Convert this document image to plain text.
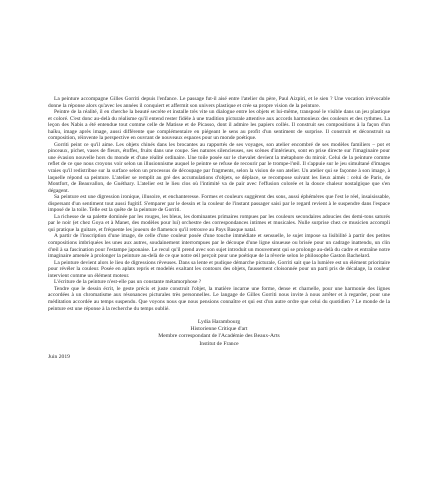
La peinture accompagne Gilles Gorriti depuis l'enfance. Le passage fut-il aisé entre l'atelier du père, Paul Aizpiri, et le sien ? Une vocation irrévocable donne la réponse alors qu'avec les années il conquiert et affermit son univers plastique et crée sa propre vision de la peinture.

Peintre de la réalité, il en cherche la beauté secrète et installe très vite un dialogue entre les objets et lui-même, transposé le visible dans un jeu plastique et coloré. C'est donc au-delà du réalisme qu'il entend rester fidèle à une tradition picturale attentive aux accords harmonieux des couleurs et des rythmes. La leçon des Nabis a été entendue tout comme celle de Matisse et de Picasso, dont il admire les papiers collés. Il construit ses compositions à la façon d'un haïku, image après image, aussi différente que complémentaire en piégeant le sens au profit d'un sentiment de surprise. Il construit et déconstruit sa composition, réinvente la perspective en ouvrant de nouveaux espaces pour un monde poétique.

Gorriti peint ce qu'il aime. Les objets chinés dans les brocantes au rapportés de ses voyages, son atelier encombré de ses modèles familiers – pot et pinceaux, pichet, vases de fleurs, étoffes, fruits dans une coupe. Ses natures silencieuses, ses scènes d'intérieurs, sont en prise directe sur l'imaginaire pour une évasion nouvelle hors du monde et d'une réalité ordinaire. Une toile posée sur le chevalet devient la métaphore du miroir. Celui de la peinture comme reflet de ce que nous croyons voir selon un illusionnisme auquel le peintre se refuse de recourir par le trompe-l'œil. Il s'appuie sur le jeu simultané d'images vraies qu'il redistribue sur la surface selon un processus de découpage par fragments, selon la vision de son atelier. Un atelier qui se façonne à son image, à laquelle répond sa peinture. L'atelier se remplit au gré des accumulations d'objets, se déplace, se recompose suivant les lieux aimés : celui de Paris, de Montfort, de Beauvallon, de Guéthary. L'atelier est le lieu clos où l'intimité va de pair avec l'effusion colorée et la douce chaleur nostalgique que s'en dégagent.

Sa peinture est une digression ironique, illusoire, et enchanteresse. Formes et couleurs suggèrent des sons, aussi éphémères que l'est le réel, insaisissable, dispersant d'un sentiment tout aussi fugitif. S'emparer par le dessin et la couleur de l'instant passager saisi par le regard revient à le suspendre dans l'espace imposé de la toile. Telle est la quête de la peinture de Gorriti.

La richesse de sa palette dominée par les rouges, les bleus, les dominantes primaires rompues par les couleurs secondaires adoucies des demi-tons saturés par le noir (et chez Goya et à Manet, des modèles pour lui) orchestre des correspondances intimes et musicales. Nulle surprise chez ce musicien accompli qui pratique la guitare, et fréquente les joueurs de flamenco qu'il retrouve au Pays Basque natal.

A partir de l'inscription d'une image, de celle d'une couleur posée d'une touche immédiate et sensuelle, le sujet impose sa lisibilité à partir des petites compositions imbriquées les unes aux autres, soudainement interrompues par le découpe d'une ligne sinueuse ou brisée pour un cadrage inattendu, un clin d'œil à sa fascination pour l'estampe japonaise. Le recul qu'il prend avec son sujet introduit un mouvement qui se prolonge au-delà du cadre et entraîne notre imaginaire amenée à prolonger la peinture au-delà de ce que notre œil perçoit pour une poétique de la rêverie selon le philosophe Gaston Bachelard.

La peinture devient alors le lieu de digressions rêveuses. Dans sa lente et pudique démarche picturale, Gorriti sait que la lumière est un élément prioritaire pour révéler la couleur. Posée en aplats repris et modelés exaltant les contours des objets, faussement cloisonnée pour un parti pris de décalage, la couleur intervient comme un élément moteur.

L'écriture de la peinture n'est-elle pas un constante métamorphose ?

Tendre que le dessin écrit, le geste précis et juste construit l'objet, la matière incarne une forme, dense et charnelle, pour une harmonie des lignes accordées à un chromatisme aux résonances picturales très personnelles. Le langage de Gilles Gorriti nous invite à nous arrêter et à regarder, pour une méditation accordée au temps suspendu. Que voyons nous que nous pensions connaître et qui est d'un autre ordre que celui du quotidien ? Le monde de la peinture est une réponse à la recherche du temps oublié.

Lydia Harambourg
Historienne Critique d'art
Membre correspondant de l'Académie des Beaux-Arts
Institut de France
Juin 2019
